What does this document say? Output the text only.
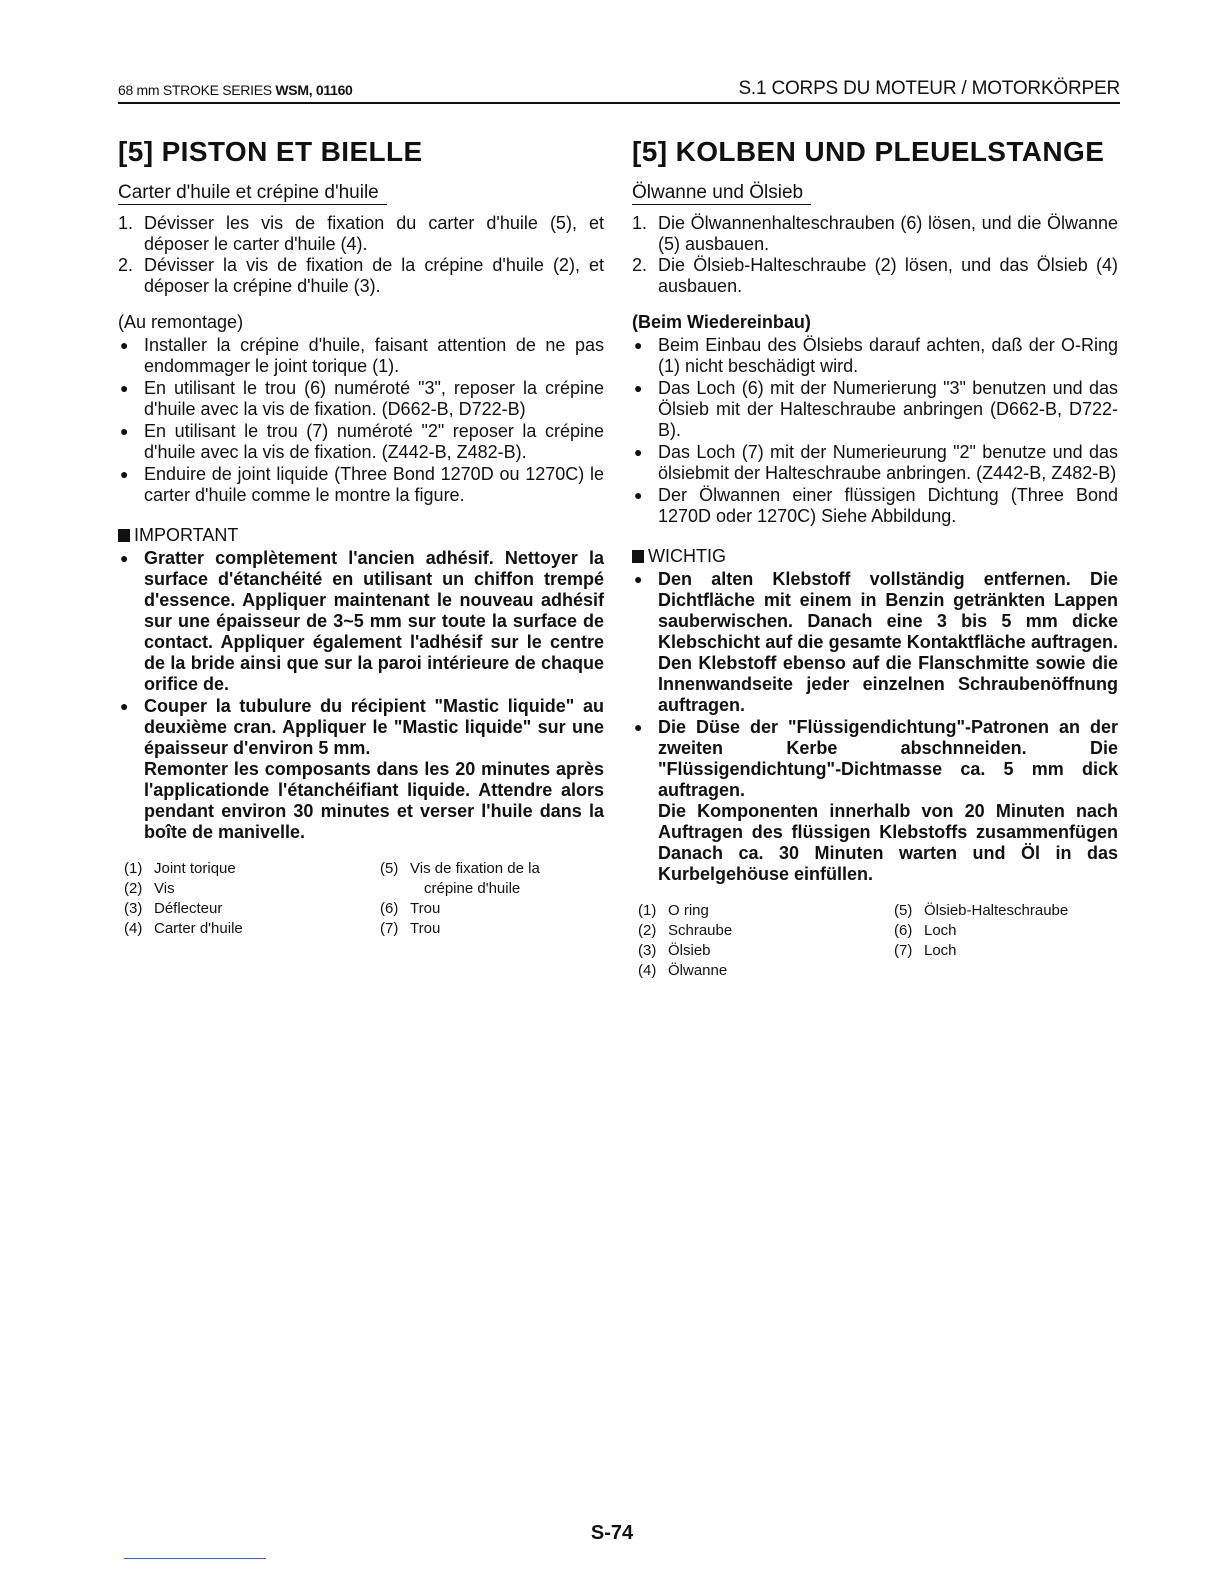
68 mm STROKE SERIES WSM, 01160	S.1 CORPS DU MOTEUR / MOTORKÖRPER
[5] PISTON ET BIELLE
Carter d'huile et crépine d'huile
1. Dévisser les vis de fixation du carter d'huile (5), et déposer le carter d'huile (4).
2. Dévisser la vis de fixation de la crépine d'huile (2), et déposer la crépine d'huile (3).
(Au remontage)
● Installer la crépine d'huile, faisant attention de ne pas endommager le joint torique (1).
● En utilisant le trou (6) numéroté "3", reposer la crépine d'huile avec la vis de fixation. (D662-B, D722-B)
● En utilisant le trou (7) numéroté "2" reposer la crépine d'huile avec la vis de fixation. (Z442-B, Z482-B).
● Enduire de joint liquide (Three Bond 1270D ou 1270C) le carter d'huile comme le montre la figure.
IMPORTANT
● Gratter complètement l'ancien adhésif. Nettoyer la surface d'étanchéité en utilisant un chiffon trempé d'essence. Appliquer maintenant le nouveau adhésif sur une épaisseur de 3~5 mm sur toute la surface de contact. Appliquer également l'adhésif sur le centre de la bride ainsi que sur la paroi intérieure de chaque orifice de.
● Couper la tubulure du récipient "Mastic liquide" au deuxième cran. Appliquer le "Mastic liquide" sur une épaisseur d'environ 5 mm.
Remonter les composants dans les 20 minutes après l'applicationde l'étanchéifiant liquide. Attendre alors pendant environ 30 minutes et verser l'huile dans la boîte de manivelle.
(1) Joint torique
(2) Vis
(3) Déflecteur
(4) Carter d'huile
(5) Vis de fixation de la
crépine d'huile
(6) Trou
(7) Trou
[5] KOLBEN UND PLEUELSTANGE
Ölwanne und Ölsieb
1. Die Ölwannenhalteschrauben (6) lösen, und die Ölwanne (5) ausbauen.
2. Die Ölsieb-Halteschraube (2) lösen, und das Ölsieb (4) ausbauen.
(Beim Wiedereinbau)
● Beim Einbau des Ölsiebs darauf achten, daß der O-Ring (1) nicht beschädigt wird.
● Das Loch (6) mit der Numerierung "3" benutzen und das Ölsieb mit der Halteschraube anbringen (D662-B, D722-B).
● Das Loch (7) mit der Numerieurung "2" benutze und das ölsiebmit der Halteschraube anbringen. (Z442-B, Z482-B)
● Der Ölwannen einer flüssigen Dichtung (Three Bond 1270D oder 1270C) Siehe Abbildung.
WICHTIG
● Den alten Klebstoff vollständig entfernen. Die Dichtfläche mit einem in Benzin getränkten Lappen sauberwischen. Danach eine 3 bis 5 mm dicke Klebschicht auf die gesamte Kontaktfläche auftragen. Den Klebstoff ebenso auf die Flanschmitte sowie die Innenwandseite jeder einzelnen Schraubenöffnung auftragen.
● Die Düse der "Flüssigendichtung"-Patronen an der zweiten Kerbe abschnneiden. Die "Flüssigendichtung"-Dichtmasse ca. 5 mm dick auftragen.
Die Komponenten innerhalb von 20 Minuten nach Auftragen des flüssigen Klebstoffs zusammenfügen Danach ca. 30 Minuten warten und Öl in das Kurbelgehöuse einfüllen.
(1) O ring
(2) Schraube
(3) Ölsieb
(4) Ölwanne
(5) Ölsieb-Halteschraube
(6) Loch
(7) Loch
S-74
